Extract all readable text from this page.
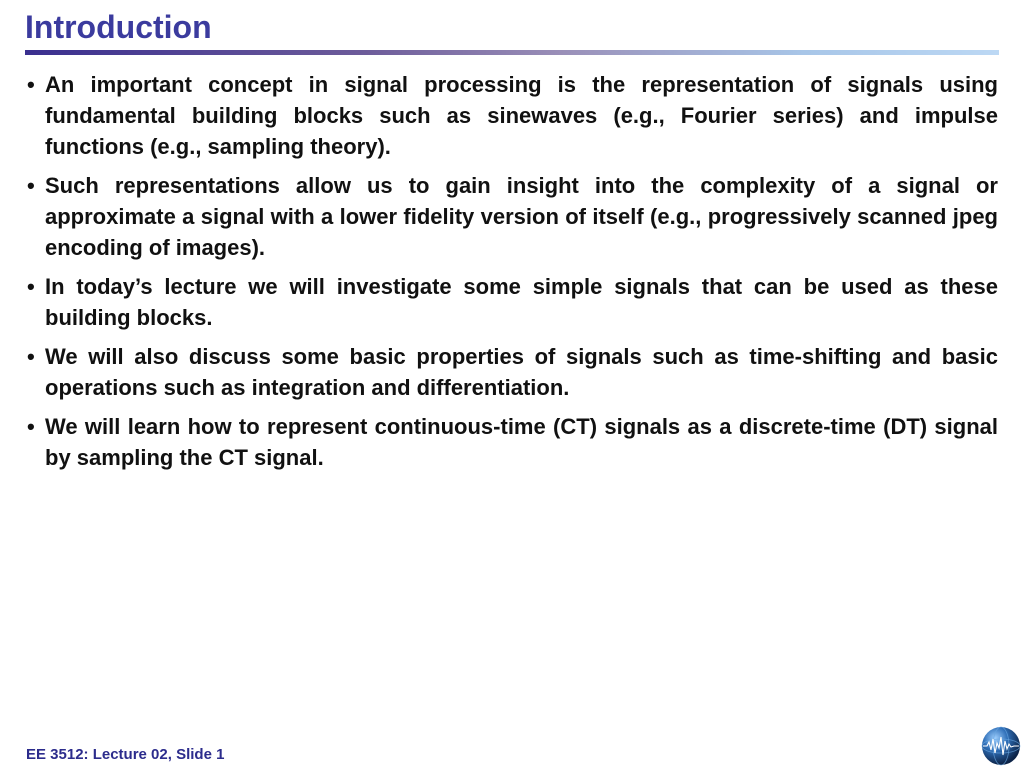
Introduction
• An important concept in signal processing is the representation of signals using fundamental building blocks such as sinewaves (e.g., Fourier series) and impulse functions (e.g., sampling theory).
• Such representations allow us to gain insight into the complexity of a signal or approximate a signal with a lower fidelity version of itself (e.g., progressively scanned jpeg encoding of images).
• In today’s lecture we will investigate some simple signals that can be used as these building blocks.
• We will also discuss some basic properties of signals such as time-shifting and basic operations such as integration and differentiation.
• We will learn how to represent continuous-time (CT) signals as a discrete-time (DT) signal by sampling the CT signal.
EE 3512: Lecture 02, Slide 1
